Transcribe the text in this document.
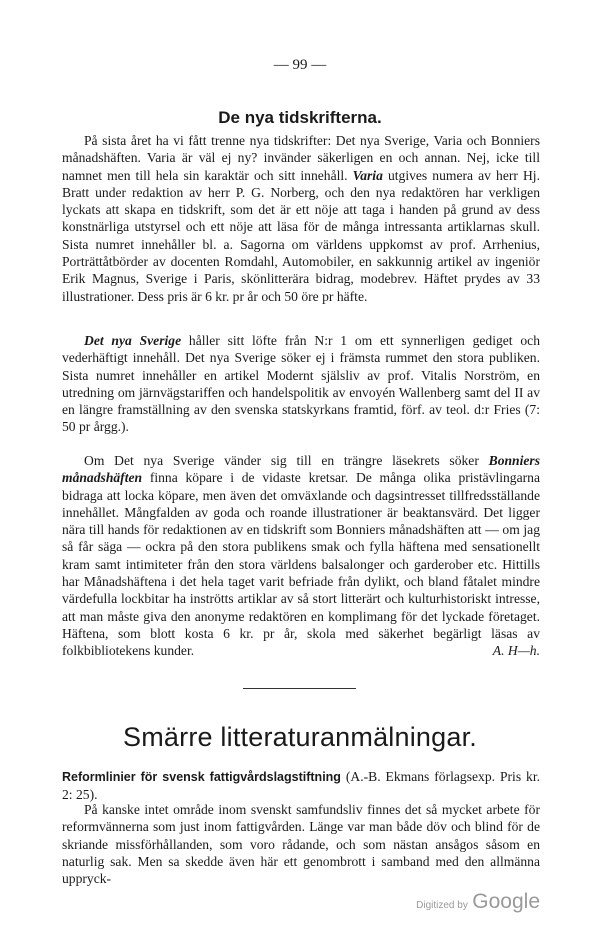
— 99 —
De nya tidskrifterna.
På sista året ha vi fått trenne nya tidskrifter: Det nya Sverige, Varia och Bonniers månadshäften. Varia är väl ej ny? invänder säkerligen en och annan. Nej, icke till namnet men till hela sin karaktär och sitt innehåll. Varia utgives numera av herr Hj. Bratt under redaktion av herr P. G. Norberg, och den nya redaktören har verkligen lyckats att skapa en tidskrift, som det är ett nöje att taga i handen på grund av dess konstnärliga utstyrsel och ett nöje att läsa för de många intressanta artiklarnas skull. Sista numret innehåller bl. a. Sagorna om världens uppkomst av prof. Arrhenius, Porträttåtbörder av docenten Romdahl, Automobiler, en sakkunnig artikel av ingeniör Erik Magnus, Sverige i Paris, skönlitterära bidrag, modebrev. Häftet prydes av 33 illustrationer. Dess pris är 6 kr. pr år och 50 öre pr häfte.
Det nya Sverige håller sitt löfte från N:r 1 om ett synnerligen gediget och vederhäftigt innehåll. Det nya Sverige söker ej i främsta rummet den stora publiken. Sista numret innehåller en artikel Modernt själsliv av prof. Vitalis Norström, en utredning om järnvägstariffen och handelspolitik av envoyén Wallenberg samt del II av en längre framställning av den svenska statskyrkans framtid, förf. av teol. d:r Fries (7: 50 pr årgg.).
Om Det nya Sverige vänder sig till en trängre läsekrets söker Bonniers månadshäften finna köpare i de vidaste kretsar. De många olika pristävlingarna bidraga att locka köpare, men även det omväxlande och dagsintresset tillfredsställande innehållet. Mångfalden av goda och roande illustrationer är beaktansvärd. Det ligger nära till hands för redaktionen av en tidskrift som Bonniers månadshäften att — om jag så får säga — ockra på den stora publikens smak och fylla häftena med sensationellt kram samt intimiteter från den stora världens balsalonger och garderober etc. Hittills har Månadshäftena i det hela taget varit befriade från dylikt, och bland fåtalet mindre värdefulla lockbitar ha inströtts artiklar av så stort litterärt och kulturhistoriskt intresse, att man måste giva den anonyme redaktören en komplimang för det lyckade företaget. Häftena, som blott kosta 6 kr. pr år, skola med säkerhet begärligt läsas av folkbibliotekens kunder.	A. H—h.
Smärre litteraturanmälningar.
Reformlinier för svensk fattigvårdslagstiftning (A.-B. Ekmans förlagsexp. Pris kr. 2: 25).
På kanske intet område inom svenskt samfundsliv finnes det så mycket arbete för reformvännerna som just inom fattigvården. Länge var man både döv och blind för de skriande missförhållanden, som voro rådande, och som nästan ansågos såsom en naturlig sak. Men sa skedde även här ett genombrott i samband med den allmänna uppryck-
Digitized by Google
